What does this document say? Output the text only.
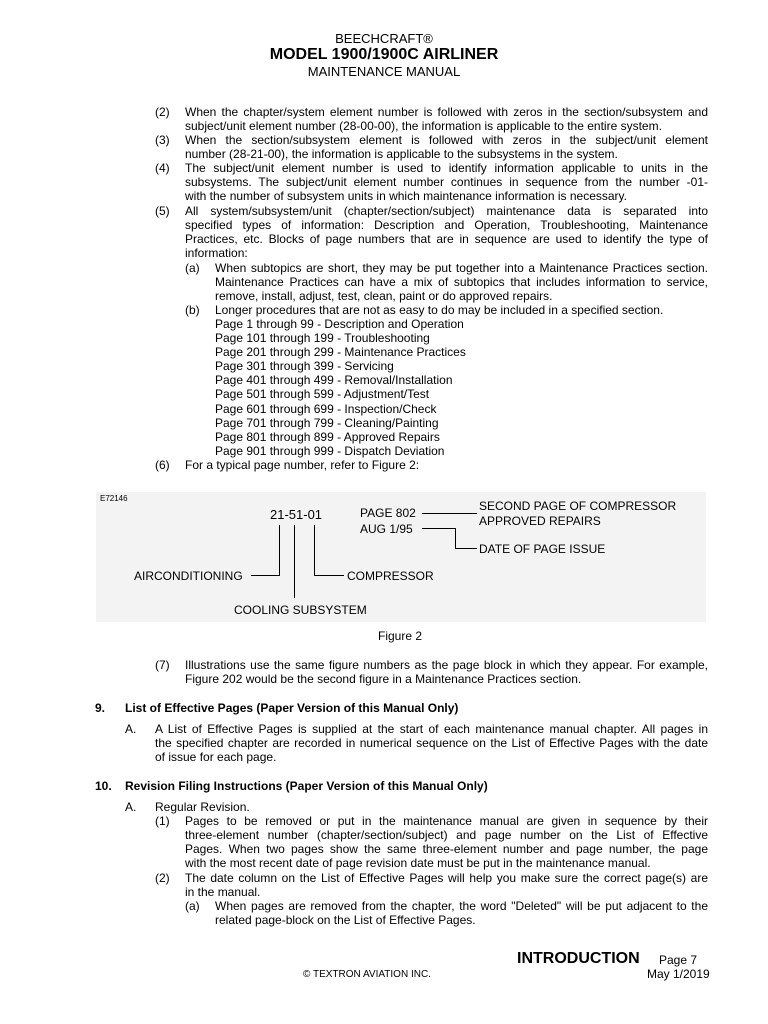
BEECHCRAFT®
MODEL 1900/1900C AIRLINER
MAINTENANCE MANUAL
(2) When the chapter/system element number is followed with zeros in the section/subsystem and
subject/unit element number (28-00-00), the information is applicable to the entire system.
(3) When the section/subsystem element is followed with zeros in the subject/unit element
number (28-21-00), the information is applicable to the subsystems in the system.
(4) The subject/unit element number is used to identify information applicable to units in the
subsystems. The subject/unit element number continues in sequence from the number -01-
with the number of subsystem units in which maintenance information is necessary.
(5) All system/subsystem/unit (chapter/section/subject) maintenance data is separated into
specified types of information: Description and Operation, Troubleshooting, Maintenance
Practices, etc. Blocks of page numbers that are in sequence are used to identify the type of
information:
(a) When subtopics are short, they may be put together into a Maintenance Practices section.
Maintenance Practices can have a mix of subtopics that includes information to service,
remove, install, adjust, test, clean, paint or do approved repairs.
(b) Longer procedures that are not as easy to do may be included in a specified section.
Page 1 through 99 - Description and Operation
Page 101 through 199 - Troubleshooting
Page 201 through 299 - Maintenance Practices
Page 301 through 399 - Servicing
Page 401 through 499 - Removal/Installation
Page 501 through 599 - Adjustment/Test
Page 601 through 699 - Inspection/Check
Page 701 through 799 - Cleaning/Painting
Page 801 through 899 - Approved Repairs
Page 901 through 999 - Dispatch Deviation
(6) For a typical page number, refer to Figure 2:
E72146
21-51-01	PAGE 802
AUG 1/95
SECOND PAGE OF COMPRESSOR
APPROVED REPAIRS
DATE OF PAGE ISSUE
AIRCONDITIONING	COMPRESSOR
COOLING SUBSYSTEM
Figure 2
(7) Illustrations use the same figure numbers as the page block in which they appear. For example,
Figure 202 would be the second figure in a Maintenance Practices section.
9. List of Effective Pages (Paper Version of this Manual Only)
A. A List of Effective Pages is supplied at the start of each maintenance manual chapter. All pages in
the specified chapter are recorded in numerical sequence on the List of Effective Pages with the date
of issue for each page.
10. Revision Filing Instructions (Paper Version of this Manual Only)
A. Regular Revision.
(1) Pages to be removed or put in the maintenance manual are given in sequence by their
three-element number (chapter/section/subject) and page number on the List of Effective
Pages. When two pages show the same three-element number and page number, the page
with the most recent date of page revision date must be put in the maintenance manual.
(2) The date column on the List of Effective Pages will help you make sure the correct page(s) are
in the manual.
(a) When pages are removed from the chapter, the word "Deleted" will be put adjacent to the
related page-block on the List of Effective Pages.
INTRODUCTION Page 7
© TEXTRON AVIATION INC.	May 1/2019
